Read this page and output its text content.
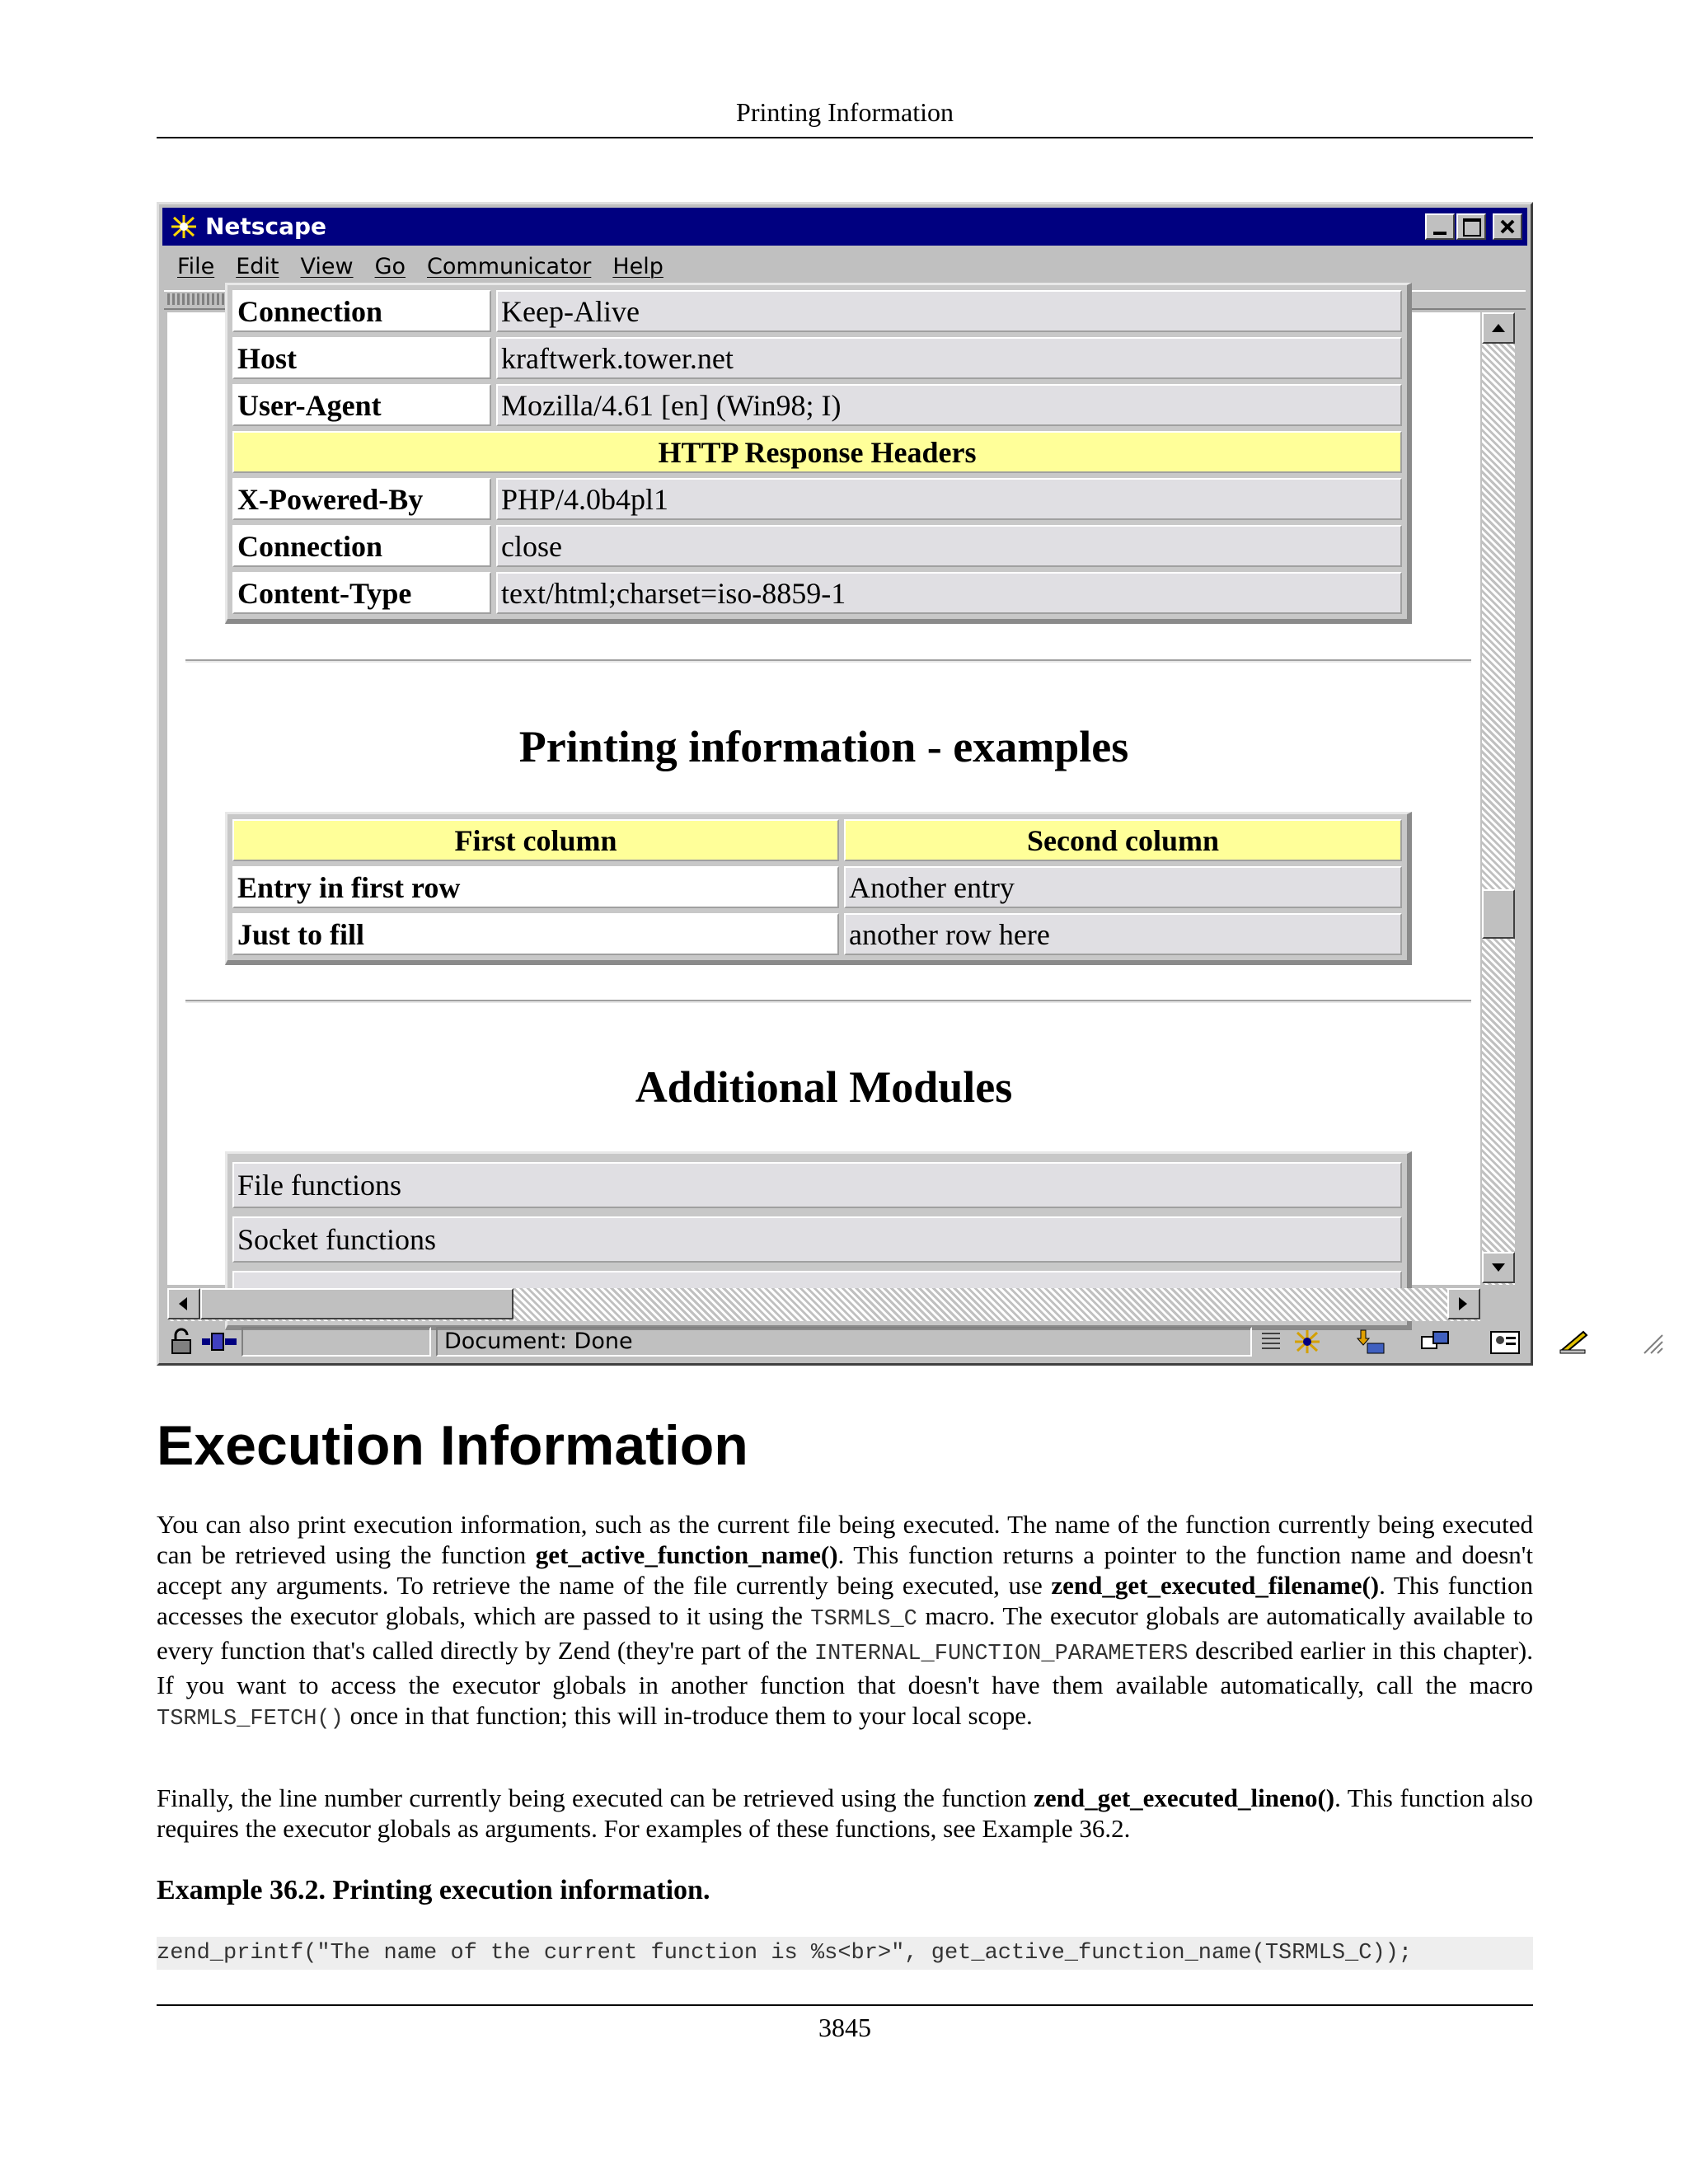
Printing Information
Netscape
File Edit View Go Communicator Help
Connection	Keep-Alive
Host	kraftwerk.tower.net
User-Agent	Mozilla/4.61 [en] (Win98; I)
HTTP Response Headers	
X-Powered-By	PHP/4.0b4pl1
Connection	close
Content-Type	text/html;charset=iso-8859-1
Printing information - examples
First column	Second column
Entry in first row	Another entry
Just to fill	another row here
Additional Modules
File functions
Socket functions

Document: Done
Execution Information

You can also print execution information, such as the current file being executed. The name of the function currently being executed can be retrieved using the function get_active_function_name(). This function returns a pointer to the function name and doesn't accept any arguments. To retrieve the name of the file currently being executed, use zend_get_executed_filename(). This function accesses the executor globals, which are passed to it using the TSRMLS_C macro. The executor globals are automatically available to every function that's called directly by Zend (they're part of the INTERNAL_FUNCTION_PARAMETERS described earlier in this chapter). If you want to access the executor globals in another function that doesn't have them available automatically, call the macro TSRMLS_FETCH() once in that function; this will in-troduce them to your local scope.

Finally, the line number currently being executed can be retrieved using the function zend_get_executed_lineno(). This function also requires the executor globals as arguments. For examples of these functions, see Example 36.2.

Example 36.2. Printing execution information.
zend_printf("The name of the current function is %s<br>", get_active_function_name(TSRMLS_C));
3845
